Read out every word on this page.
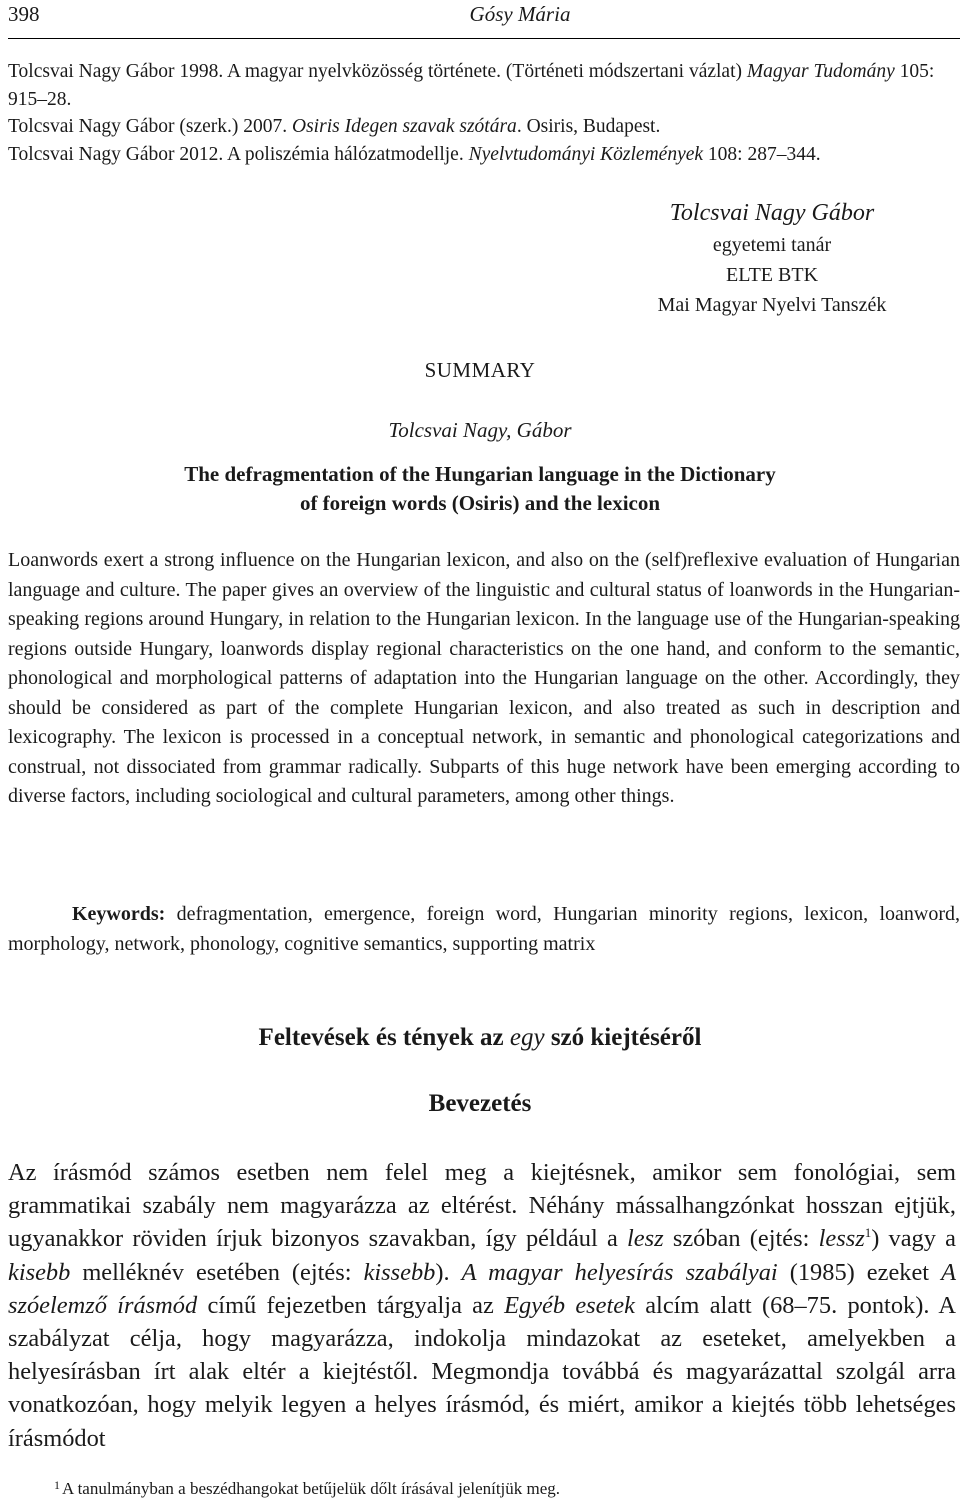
398	Gósy Mária

Tolcsvai Nagy Gábor 1998. A magyar nyelvközösség története. (Történeti módszertani vázlat) Magyar Tudomány 105: 915–28.

Tolcsvai Nagy Gábor (szerk.) 2007. Osiris Idegen szavak szótára. Osiris, Budapest.

Tolcsvai Nagy Gábor 2012. A poliszémia hálózatmodellje. Nyelvtudományi Közlemények 108: 287–344.

Tolcsvai Nagy Gábor
egyetemi tanár
ELTE BTK
Mai Magyar Nyelvi Tanszék
SUMMARY
Tolcsvai Nagy, Gábor
The defragmentation of the Hungarian language in the Dictionary
of foreign words (Osiris) and the lexicon

Loanwords exert a strong influence on the Hungarian lexicon, and also on the (self)reflexive evaluation of Hungarian language and culture. The paper gives an overview of the linguistic and cultural status of loanwords in the Hungarian-speaking regions around Hungary, in relation to the Hungarian lexicon. In the language use of the Hungarian-speaking regions outside Hungary, loanwords display regional characteristics on the one hand, and conform to the semantic, phonological and morphological patterns of adaptation into the Hungarian language on the other. Accordingly, they should be considered as part of the complete Hungarian lexicon, and also treated as such in description and lexicography. The lexicon is processed in a conceptual network, in semantic and phonological categorizations and construal, not dissociated from grammar radically. Subparts of this huge network have been emerging according to diverse factors, including sociological and cultural parameters, among other things.

Keywords: defragmentation, emergence, foreign word, Hungarian minority regions, lexicon, loanword, morphology, network, phonology, cognitive semantics, supporting matrix

Feltevések és tények az egy szó kiejtéséről
Bevezetés

Az írásmód számos esetben nem felel meg a kiejtésnek, amikor sem fonológiai, sem grammatikai szabály nem magyarázza az eltérést. Néhány mássalhangzónkat hosszan ejtjük, ugyanakkor röviden írjuk bizonyos szavakban, így például a lesz szóban (ejtés: lessz$^1$) vagy a kisebb melléknév esetében (ejtés: kissebb). A magyar helyesírás szabályai (1985) ezeket A szóelemző írásmód című fejezetben tárgyalja az Egyéb esetek alcím alatt (68–75. pontok). A szabályzat célja, hogy magyarázza, indokolja mindazokat az eseteket, amelyekben a helyesírásban írt alak eltér a kiejtéstől. Megmondja továbbá és magyarázattal szolgál arra vonatkozóan, hogy melyik legyen a helyes írásmód, és miért, amikor a kiejtés több lehetséges írásmódot

1 A tanulmányban a beszédhangokat betűjelük dőlt írásával jelenítjük meg.
